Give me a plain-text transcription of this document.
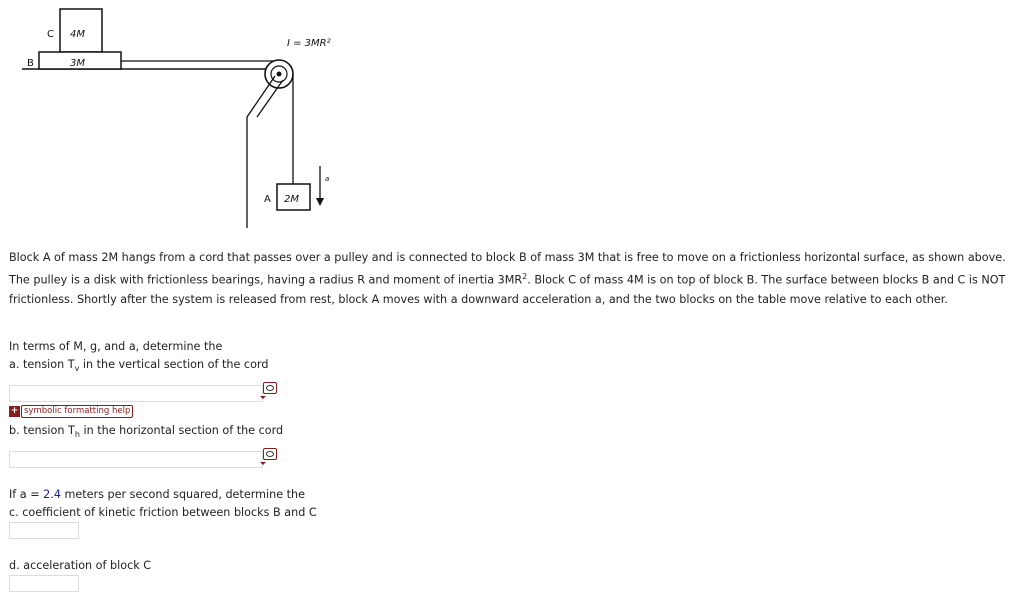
C 4M
B	3M
I = 3MR²
A 2M
a

Block A of mass 2M hangs from a cord that passes over a pulley and is connected to block B of mass 3M that is free to move on a frictionless horizontal surface, as shown above. The pulley is a disk with frictionless bearings, having a radius R and moment of inertia $3MR^2$. Block C of mass 4M is on top of block B. The surface between blocks B and C is NOT frictionless. Shortly after the system is released from rest, block A moves with a downward acceleration a, and the two blocks on the table move relative to each other.

In terms of M, g, and a, determine the
a. tension $T_v$ in the vertical section of the cord
+ symbolic formatting help
b. tension $T_h$ in the horizontal section of the cord
If a = 2.4 meters per second squared, determine the
c. coefficient of kinetic friction between blocks B and C
d. acceleration of block C
